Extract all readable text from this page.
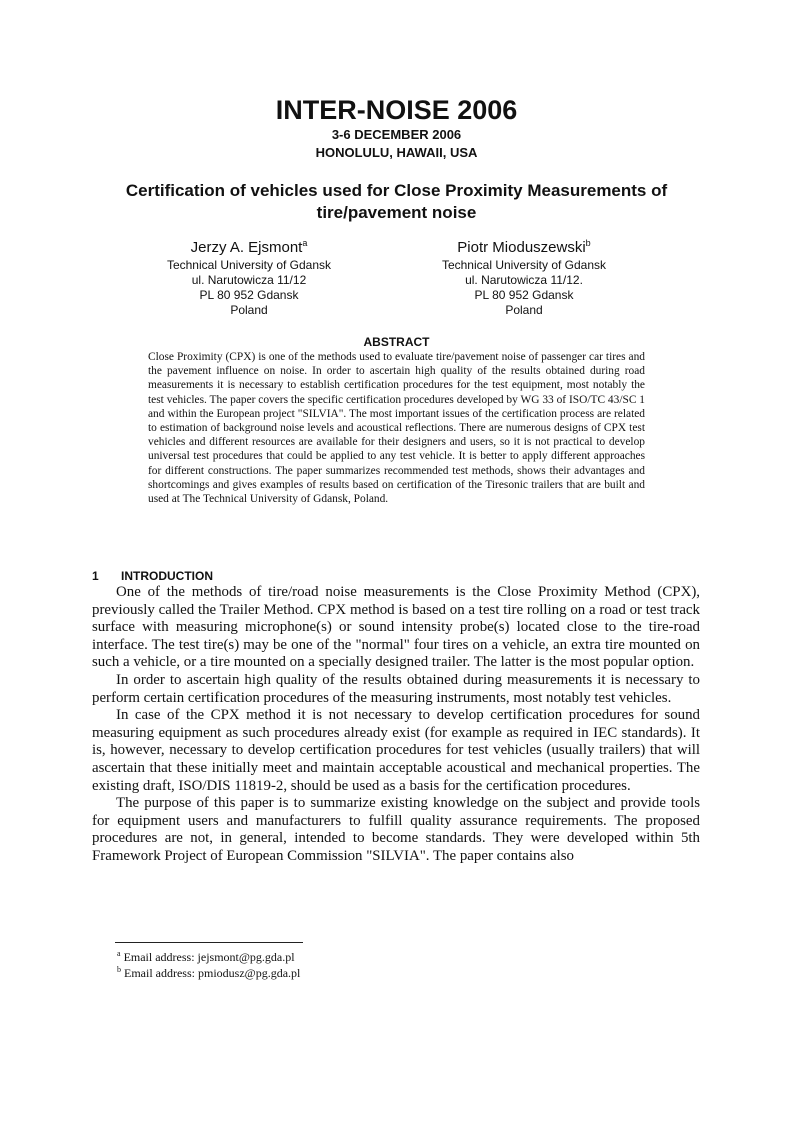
INTER-NOISE 2006
3-6 DECEMBER 2006
HONOLULU, HAWAII, USA
Certification of vehicles used for Close Proximity Measurements of
tire/pavement noise
Jerzy A. Ejsmont$^a$
Technical University of Gdansk
ul. Narutowicza 11/12
PL 80 952 Gdansk
Poland
Piotr Mioduszewski$^b$
Technical University of Gdansk
ul. Narutowicza 11/12.
PL 80 952 Gdansk
Poland
ABSTRACT
Close Proximity (CPX) is one of the methods used to evaluate tire/pavement noise of passenger car tires and the pavement influence on noise. In order to ascertain high quality of the results obtained during road measurements it is necessary to establish certification procedures for the test equipment, most notably the test vehicles. The paper covers the specific certification procedures developed by WG 33 of ISO/TC 43/SC 1 and within the European project "SILVIA". The most important issues of the certification process are related to estimation of background noise levels and acoustical reflections. There are numerous designs of CPX test vehicles and different resources are available for their designers and users, so it is not practical to develop universal test procedures that could be applied to any test vehicle. It is better to apply different approaches for different constructions. The paper summarizes recommended test methods, shows their advantages and shortcomings and gives examples of results based on certification of the Tiresonic trailers that are built and used at The Technical University of Gdansk, Poland.
1 INTRODUCTION

One of the methods of tire/road noise measurements is the Close Proximity Method (CPX), previously called the Trailer Method. CPX method is based on a test tire rolling on a road or test track surface with measuring microphone(s) or sound intensity probe(s) located close to the tire-road interface. The test tire(s) may be one of the "normal" four tires on a vehicle, an extra tire mounted on such a vehicle, or a tire mounted on a specially designed trailer. The latter is the most popular option.

In order to ascertain high quality of the results obtained during measurements it is necessary to perform certain certification procedures of the measuring instruments, most notably test vehicles.

In case of the CPX method it is not necessary to develop certification procedures for sound measuring equipment as such procedures already exist (for example as required in IEC standards). It is, however, necessary to develop certification procedures for test vehicles (usually trailers) that will ascertain that these initially meet and maintain acceptable acoustical and mechanical properties. The existing draft, ISO/DIS 11819-2, should be used as a basis for the certification procedures.

The purpose of this paper is to summarize existing knowledge on the subject and provide tools for equipment users and manufacturers to fulfill quality assurance requirements. The proposed procedures are not, in general, intended to become standards. They were developed within 5th Framework Project of European Commission "SILVIA". The paper contains also

$^a$ Email address: jejsmont@pg.gda.pl
$^b$ Email address: pmiodusz@pg.gda.pl
